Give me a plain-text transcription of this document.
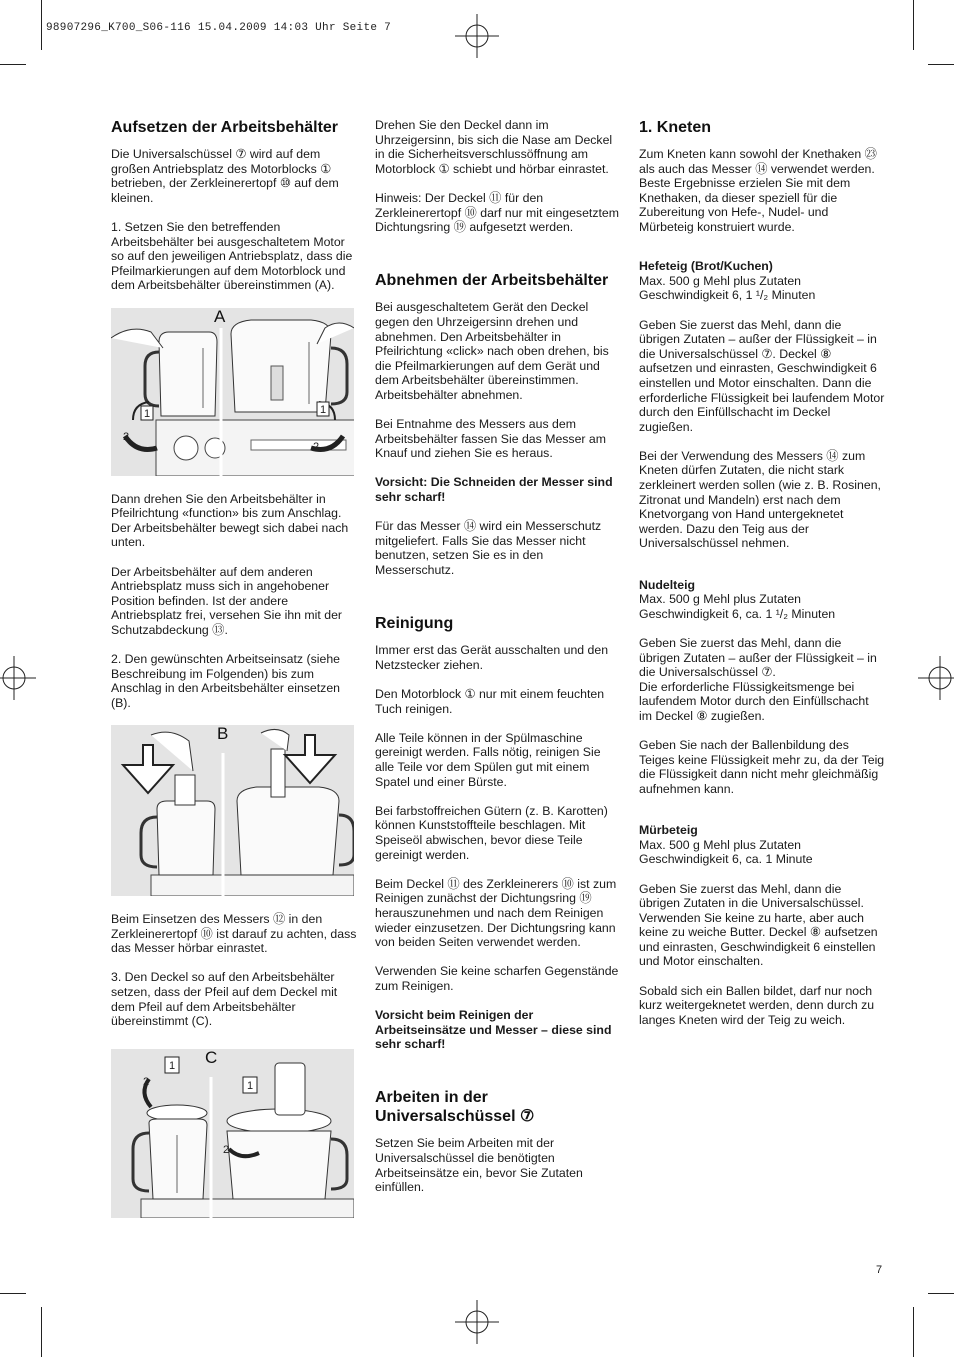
98907296_K700_S06-116 15.04.2009 14:03 Uhr Seite 7
Aufsetzen der Arbeitsbehälter

Die Universalschüssel ⑦ wird auf dem großen Antriebsplatz des Motorblocks ① betrieben, der Zerkleinerertopf ⑩ auf dem kleinen.

1. Setzen Sie den betreffenden Arbeitsbehälter bei ausgeschaltetem Motor so auf den jeweiligen Antriebsplatz, dass die Pfeilmarkierungen auf dem Motorblock und dem Arbeitsbehälter übereinstimmen (A).

1
2
1
2
A

Dann drehen Sie den Arbeitsbehälter in Pfeilrichtung «function» bis zum Anschlag. Der Arbeitsbehälter bewegt sich dabei nach unten.

Der Arbeitsbehälter auf dem anderen Antriebsplatz muss sich in angehobener Position befinden. Ist der andere Antriebsplatz frei, versehen Sie ihn mit der Schutzabdeckung ⑬.

2. Den gewünschten Arbeitseinsatz (siehe Beschreibung im Folgenden) bis zum Anschlag in den Arbeitsbehälter einsetzen (B).

B

Beim Einsetzen des Messers ⑫ in den Zerkleinerertopf ⑩ ist darauf zu achten, dass das Messer hörbar einrastet.

3. Den Deckel so auf den Arbeitsbehälter setzen, dass der Pfeil auf dem Deckel mit dem Pfeil auf dem Arbeitsbehälter übereinstimmt (C).

1
2	1
2
C

Drehen Sie den Deckel dann im Uhrzeigersinn, bis sich die Nase am Deckel in die Sicherheitsverschlussöffnung am Motorblock ① schiebt und hörbar einrastet.

Hinweis: Der Deckel ⑪ für den Zerkleinerertopf ⑩ darf nur mit eingesetztem Dichtungsring ⑲ aufgesetzt werden.

Abnehmen der Arbeitsbehälter

Bei ausgeschaltetem Gerät den Deckel gegen den Uhrzeigersinn drehen und abnehmen. Den Arbeitsbehälter in Pfeilrichtung «click» nach oben drehen, bis die Pfeilmarkierungen auf dem Gerät und dem Arbeitsbehälter übereinstimmen. Arbeitsbehälter abnehmen.

Bei Entnahme des Messers aus dem Arbeitsbehälter fassen Sie das Messer am Knauf und ziehen Sie es heraus.

Vorsicht: Die Schneiden der Messer sind sehr scharf!

Für das Messer ⑭ wird ein Messerschutz mitgeliefert. Falls Sie das Messer nicht benutzen, setzen Sie es in den Messerschutz.

Reinigung

Immer erst das Gerät ausschalten und den Netzstecker ziehen.

Den Motorblock ① nur mit einem feuchten Tuch reinigen.

Alle Teile können in der Spülmaschine gereinigt werden. Falls nötig, reinigen Sie alle Teile vor dem Spülen gut mit einem Spatel und einer Bürste.

Bei farbstoffreichen Gütern (z. B. Karotten) können Kunststoffteile beschlagen. Mit Speiseöl abwischen, bevor diese Teile gereinigt werden.

Beim Deckel ⑪ des Zerkleinerers ⑩ ist zum Reinigen zunächst der Dichtungsring ⑲ herauszunehmen und nach dem Reinigen wieder einzusetzen. Der Dichtungsring kann von beiden Seiten verwendet werden.

Verwenden Sie keine scharfen Gegenstände zum Reinigen.

Vorsicht beim Reinigen der Arbeitseinsätze und Messer – diese sind sehr scharf!

Arbeiten in der Universalschüssel ⑦

Setzen Sie beim Arbeiten mit der Universalschüssel die benötigten Arbeitseinsätze ein, bevor Sie Zutaten einfüllen.

1. Kneten

Zum Kneten kann sowohl der Knethaken ㉓ als auch das Messer ⑭ verwendet werden. Beste Ergebnisse erzielen Sie mit dem Knethaken, da dieser speziell für die Zubereitung von Hefe-, Nudel- und Mürbeteig konstruiert wurde.

Hefeteig (Brot/Kuchen)

Max. 500 g Mehl plus Zutaten

Geschwindigkeit 6, 1 ¹/₂ Minuten

Geben Sie zuerst das Mehl, dann die übrigen Zutaten – außer der Flüssigkeit – in die Universalschüssel ⑦. Deckel ⑧ aufsetzen und einrasten, Geschwindigkeit 6 einstellen und Motor einschalten. Dann die erforderliche Flüssigkeit bei laufendem Motor durch den Einfüllschacht im Deckel zugießen.

Bei der Verwendung des Messers ⑭ zum Kneten dürfen Zutaten, die nicht stark zerkleinert werden sollen (wie z. B. Rosinen, Zitronat und Mandeln) erst nach dem Knetvorgang von Hand untergeknetet werden. Dazu den Teig aus der Universalschüssel nehmen.

Nudelteig

Max. 500 g Mehl plus Zutaten

Geschwindigkeit 6, ca. 1 ¹/₂ Minuten

Geben Sie zuerst das Mehl, dann die übrigen Zutaten – außer der Flüssigkeit – in die Universalschüssel ⑦.

Die erforderliche Flüssigkeitsmenge bei laufendem Motor durch den Einfüllschacht im Deckel ⑧ zugießen.

Geben Sie nach der Ballenbildung des Teiges keine Flüssigkeit mehr zu, da der Teig die Flüssigkeit dann nicht mehr gleichmäßig aufnehmen kann.

Mürbeteig

Max. 500 g Mehl plus Zutaten

Geschwindigkeit 6, ca. 1 Minute

Geben Sie zuerst das Mehl, dann die übrigen Zutaten in die Universalschüssel. Verwenden Sie keine zu harte, aber auch keine zu weiche Butter. Deckel ⑧ aufsetzen und einrasten, Geschwindigkeit 6 einstellen und Motor einschalten.

Sobald sich ein Ballen bildet, darf nur noch kurz weitergeknetet werden, denn durch zu langes Kneten wird der Teig zu weich.

7
